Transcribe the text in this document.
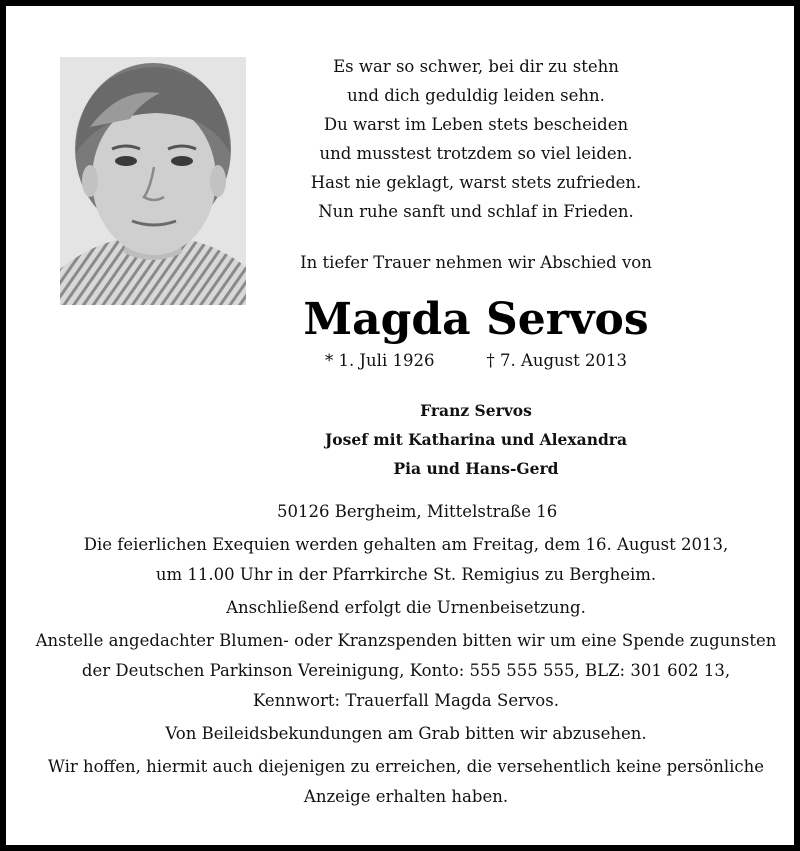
Es war so schwer, bei dir zu stehn
und dich geduldig leiden sehn.
Du warst im Leben stets bescheiden
und musstest trotzdem so viel leiden.
Hast nie geklagt, warst stets zufrieden.
Nun ruhe sanft und schlaf in Frieden.
In tiefer Trauer nehmen wir Abschied von
Magda Servos
* 1. Juli 1926	† 7. August 2013
Franz Servos
Josef mit Katharina und Alexandra
Pia und Hans-Gerd
50126 Bergheim, Mittelstraße 16
Die feierlichen Exequien werden gehalten am Freitag, dem 16. August 2013,
um 11.00 Uhr in der Pfarrkirche St. Remigius zu Bergheim.
Anschließend erfolgt die Urnenbeisetzung.
Anstelle angedachter Blumen- oder Kranzspenden bitten wir um eine Spende zugunsten
der Deutschen Parkinson Vereinigung, Konto: 555 555 555, BLZ: 301 602 13,
Kennwort: Trauerfall Magda Servos.
Von Beileidsbekundungen am Grab bitten wir abzusehen.
Wir hoffen, hiermit auch diejenigen zu erreichen, die versehentlich keine persönliche
Anzeige erhalten haben.
